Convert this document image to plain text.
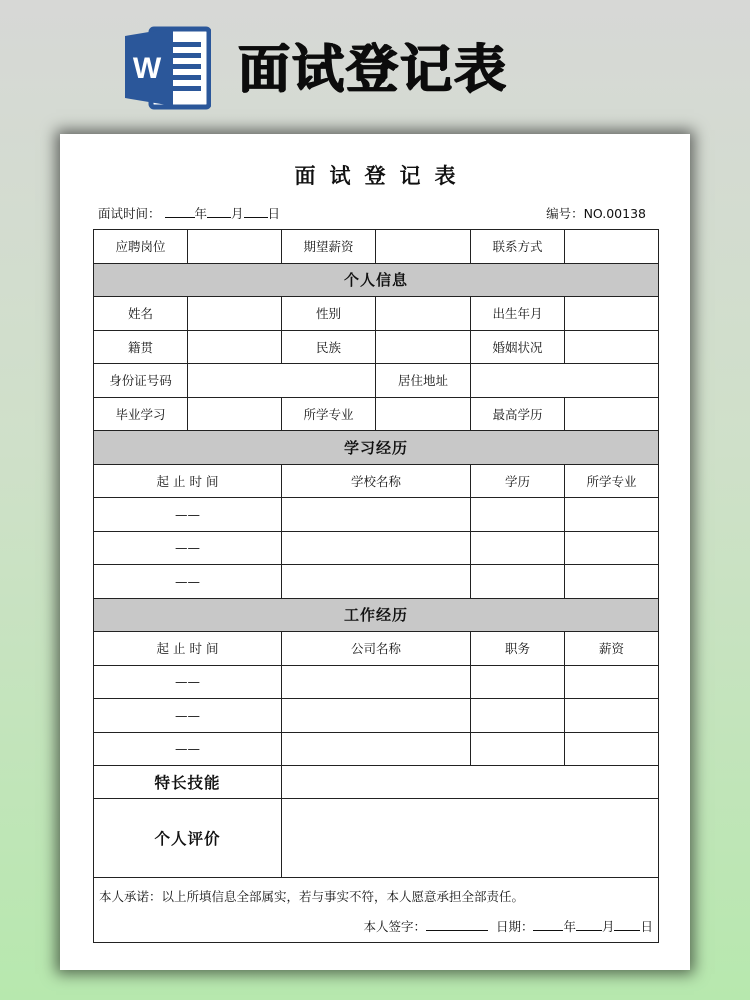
W 面试登记表
面试登记表
面试时间：	年 月 日	编号：NO.00138
应聘岗位		期望薪资		联系方式	
个人信息					
姓名		性别		出生年月	
籍贯		民族		婚姻状况	
身份证号码			居住地址		
毕业学习		所学专业		最高学历	
学习经历					
起 止 时 间		学校名称		学历	所学专业
——					
——					
——					
工作经历					
起 止 时 间		公司名称		职务	薪资
——					
——					
——					
特长技能					
个人评价					

本人承诺：以上所填信息全部属实，若与事实不符，本人愿意承担全部责任。
本人签字： 日期： 年 月 日					
